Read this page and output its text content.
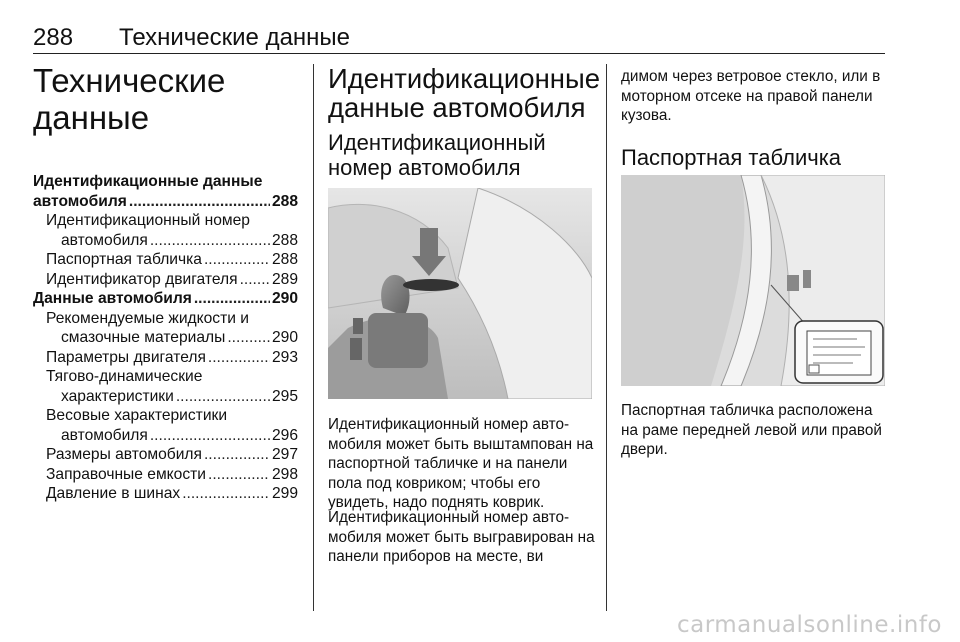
288 Технические данные
Технические данные
Идентификационные данные
автомобиля .....	288
Идентификационный номер
автомобиля .....	288
Паспортная табличка .....	288
Идентификатор двигателя ..... 289
Данные автомобиля .....	290
Рекомендуемые жидкости и
смазочные материалы .....	290
Параметры двигателя .....	293
Тягово-динамические
характеристики .....	295
Весовые характеристики
автомобиля .....	296
Размеры автомобиля .....	297
Заправочные емкости .....	298
Давление в шинах .....	299
Идентификационные данные автомобиля
Идентификационный номер автомобиля
Идентификационный номер автомобиля может быть выштампован на паспортной табличке и на панели пола под ковриком; чтобы его увидеть, надо поднять коврик.
Идентификационный номер автомобиля может быть выгравирован на панели приборов на месте, ви
димом через ветровое стекло, или в моторном отсеке на правой панели кузова.
Паспортная табличка
Паспортная табличка расположена на раме передней левой или правой двери.
carmanualsonline.info
